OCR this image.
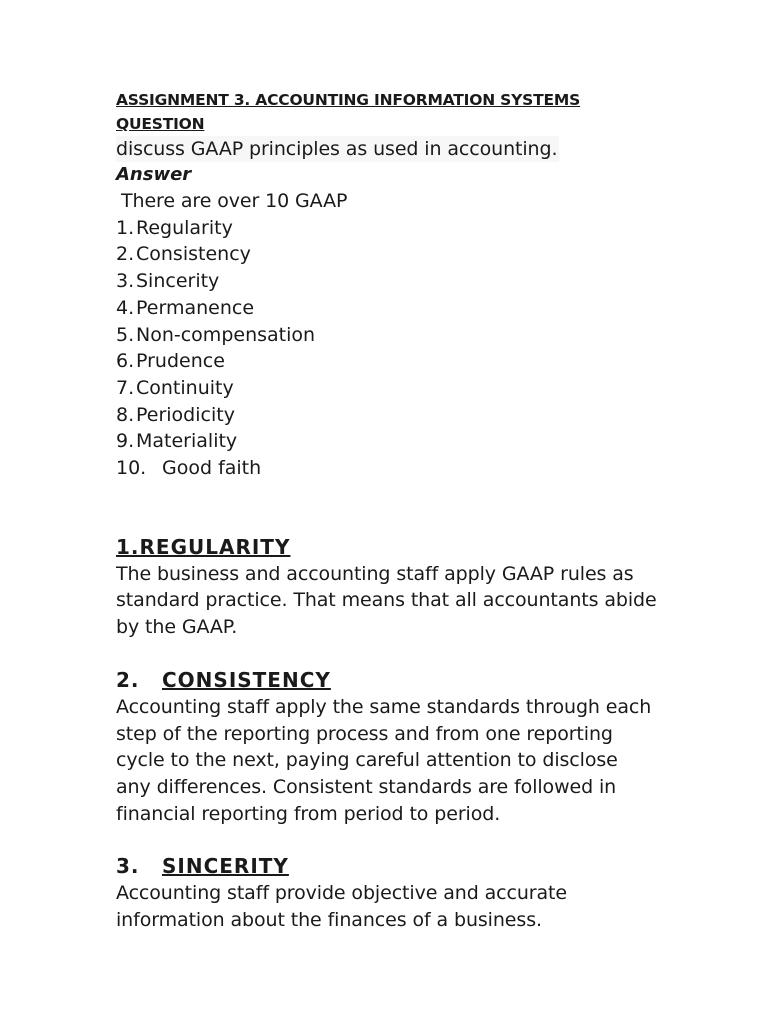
ASSIGNMENT 3. ACCOUNTING INFORMATION SYSTEMS
QUESTION
discuss GAAP principles as used in accounting.
Answer
There are over 10 GAAP
1. Regularity
2. Consistency
3. Sincerity
4. Permanence
5. Non-compensation
6. Prudence
7. Continuity
8. Periodicity
9. Materiality
10. Good faith
1.REGULARITY
The business and accounting staff apply GAAP rules as
standard practice. That means that all accountants abide
by the GAAP.
2. CONSISTENCY
Accounting staff apply the same standards through each
step of the reporting process and from one reporting
cycle to the next, paying careful attention to disclose
any differences. Consistent standards are followed in
financial reporting from period to period.
3. SINCERITY
Accounting staff provide objective and accurate
information about the finances of a business.
